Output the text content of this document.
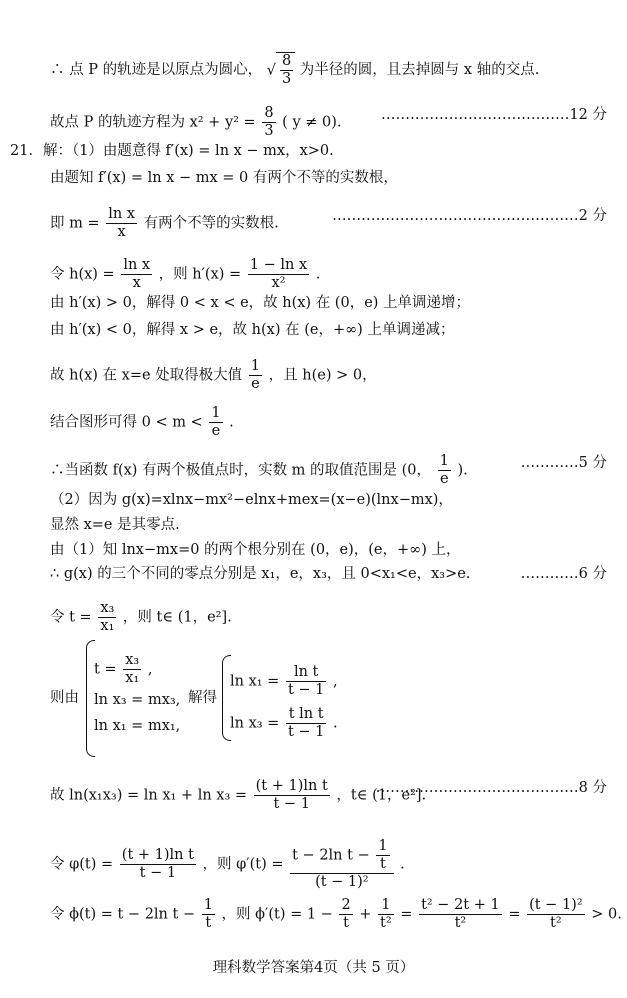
∴ 点 P 的轨迹是以原点为圆心， √ $\frac{8}{3}$ 为半径的圆，且去掉圆与 x 轴的交点.
故点 P 的轨迹方程为 $x^2 + y^2 = \frac{8}{3}$ ( y ≠ 0).	…………………………………12 分
21．解：（1）由题意得 f′(x) = ln x − mx，x>0.
由题知 f′(x) = ln x − mx = 0 有两个不等的实数根，
即 $m = \frac{\text{ln x}}{x}$ 有两个不等的实数根.	……………………………………………2 分
令 $h(x) = \frac{\text{ln x}}{x}$ ，则 $h'(x) = \frac{\text{1 − ln x}}{\text{x²}}$ .
由 h′(x) > 0，解得 0 < x < e，故 h(x) 在 (0，e) 上单调递增；
由 h′(x) < 0，解得 x > e，故 h(x) 在 (e，+∞) 上单调递减；
故 h(x) 在 x=e 处取得极大值 $\frac{1}{e}$ ，且 h(e) > 0，
结合图形可得 $0 < m < \frac{1}{e}$ .
∴当函数 f(x) 有两个极值点时，实数 m 的取值范围是 (0， $\frac{1}{e}$ ).	…………5 分
（2）因为 g(x)=xlnx−mx²−elnx+mex=(x−e)(lnx−mx)，
显然 x=e 是其零点.
由（1）知 lnx−mx=0 的两个根分别在 (0，e)，(e，+∞) 上，
∴ g(x) 的三个不同的零点分别是 x₁，e，x₃，且 0<x₁<e，x₃>e.	…………6 分
令 $t = \frac{\text{x₃}}{\text{x₁}}$ ，则 t∈ (1，e²].
则由
$t = \frac{\text{x₃}}{\text{x₁}}$ ,
ln x₃ = mx₃,
ln x₁ = mx₁,
解得
$\ln x_1 = \frac{\text{ln t}}{t - 1}$ ,
$\ln x_3 = \frac{\text{t ln t}}{t - 1}$ .
故 $\ln(x_1x_3) = \ln x_1 + \ln x_3 = \frac{\text{(t + 1)ln t}}{t - 1}$ ，t∈ (1，e²].
……………………………………8 分
令 $\varphi(t) = \frac{\text{(t + 1)ln t}}{t - 1}$ ，则 $\varphi'(t) = \frac{t - 2\ln t - \frac{1}{t}}{\text{(t − 1)²}}$ .
令 ϕ(t) = t − 2ln $t - \frac{1}{t}$ ，则 $\phi'(t) = 1 - \frac{2}{t} + \frac{1}{\text{t²}} = \frac{\text{t² − 2t + 1}}{\text{t²}} = \frac{\text{(t − 1)²}}{\text{t²}} > 0$.
理科数学答案第4页（共 5 页）
